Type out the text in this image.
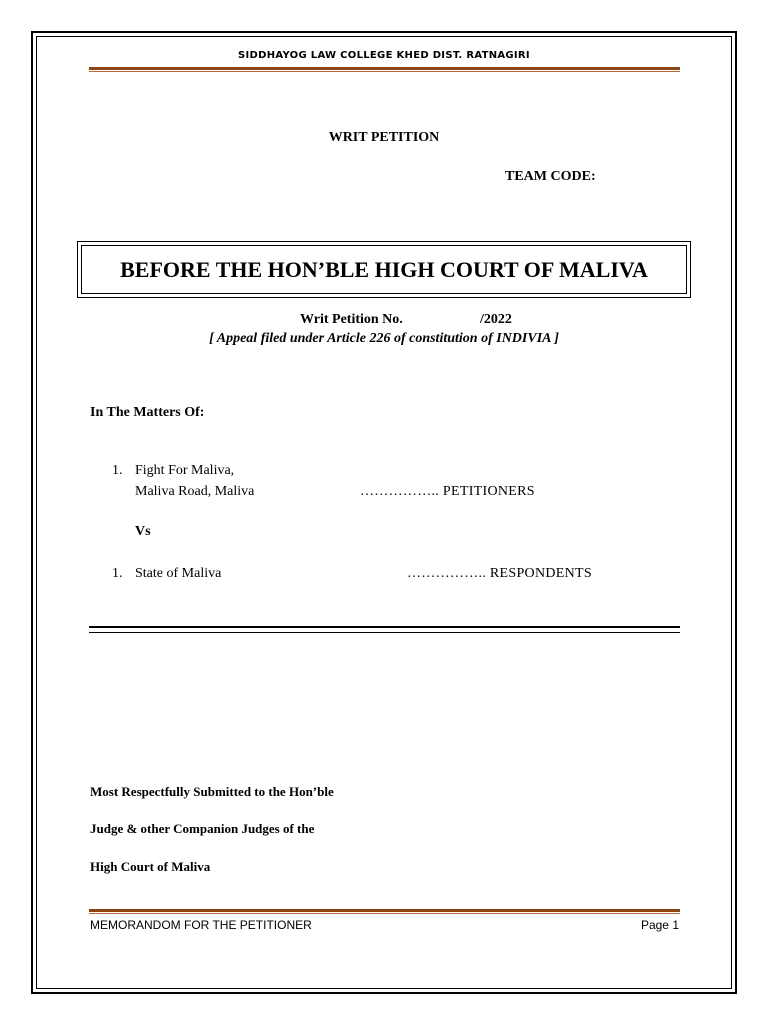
SIDDHAYOG LAW COLLEGE KHED DIST. RATNAGIRI
WRIT PETITION
TEAM CODE:
BEFORE THE HON’BLE HIGH COURT OF MALIVA
Writ Petition No.	/2022
[ Appeal filed under Article 226 of constitution of INDIVIA ]
In The Matters Of:
1. Fight For Maliva,
Maliva Road, Maliva	…………….. PETITIONERS
Vs
1. State of Maliva	…………….. RESPONDENTS
Most Respectfully Submitted to the Hon’ble
Judge & other Companion Judges of the
High Court of Maliva
MEMORANDOM FOR THE PETITIONER	Page 1
